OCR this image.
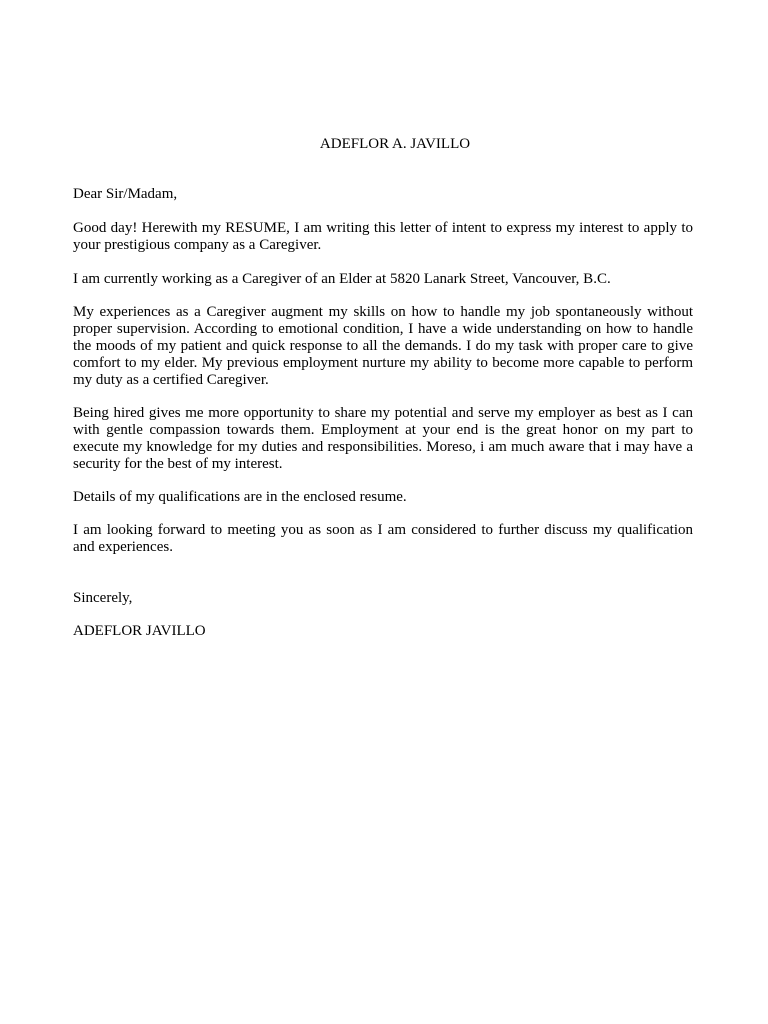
ADEFLOR A. JAVILLO

Dear Sir/Madam,

Good day! Herewith my RESUME, I am writing this letter of intent to express my interest to apply to your prestigious company as a Caregiver.

I am currently working as a Caregiver of an Elder at 5820 Lanark Street, Vancouver, B.C.

My experiences as a Caregiver augment my skills on how to handle my job spontaneously without proper supervision. According to emotional condition, I have a wide understanding on how to handle the moods of my patient and quick response to all the demands. I do my task with proper care to give comfort to my elder. My previous employment nurture my ability to become more capable to perform my duty as a certified Caregiver.

Being hired gives me more opportunity to share my potential and serve my employer as best as I can with gentle compassion towards them. Employment at your end is the great honor on my part to execute my knowledge for my duties and responsibilities. Moreso, i am much aware that i may have a security for the best of my interest.

Details of my qualifications are in the enclosed resume.

I am looking forward to meeting you as soon as I am considered to further discuss my qualification and experiences.

Sincerely,

ADEFLOR JAVILLO
